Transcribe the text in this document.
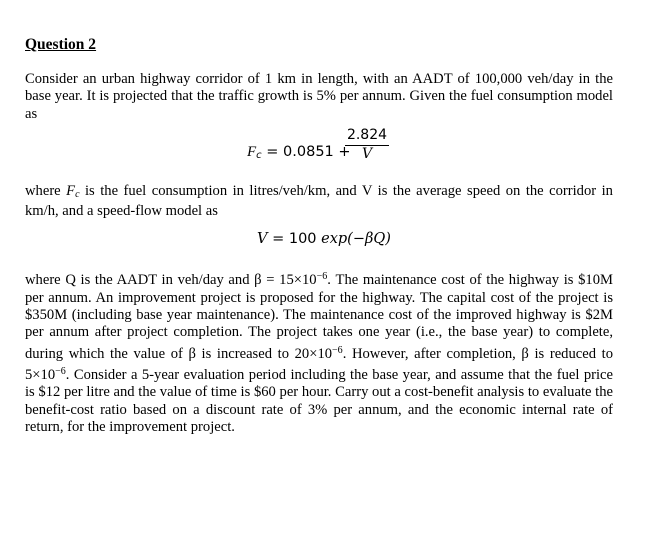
Question 2

Consider an urban highway corridor of 1 km in length, with an AADT of 100,000 veh/day in the base year. It is projected that the traffic growth is 5% per annum. Given the fuel consumption model as

$F_c = 0.0851$ +
$\frac{2.824}{V}$

where $F_c$ is the fuel consumption in litres/veh/km, and V is the average speed on the corridor in km/h, and a speed-flow model as

V = 100 exp(−βQ)

where Q is the AADT in veh/day and $\beta = 15\times 10^{-6}$. The maintenance cost of the highway is $10M per annum. An improvement project is proposed for the highway. The capital cost of the project is $350M (including base year maintenance). The maintenance cost of the improved highway is $2M per annum after project completion. The project takes one year (i.e., the base year) to complete, during which the value of β is increased to $20\times 10^{-6}$. However, after completion, β is reduced to $5\times 10^{-6}$. Consider a 5-year evaluation period including the base year, and assume that the fuel price is $12 per litre and the value of time is $60 per hour. Carry out a cost-benefit analysis to evaluate the benefit-cost ratio based on a discount rate of 3% per annum, and the economic internal rate of return, for the improvement project.
